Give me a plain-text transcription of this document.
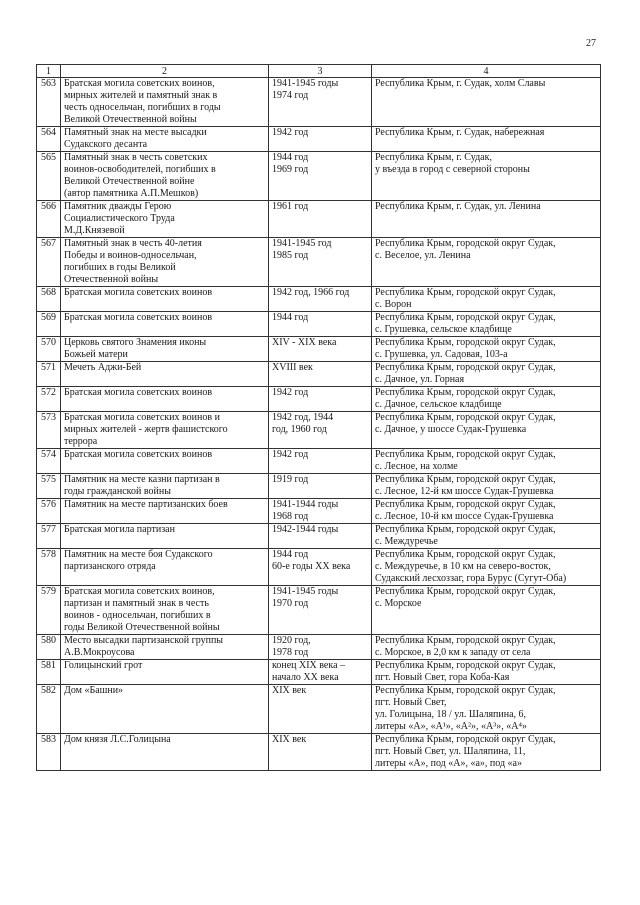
27
1	2	3	4
563	Братская могила советских воинов,
мирных жителей и памятный знак в
честь односельчан, погибших в годы
Великой Отечественной войны	1941-1945 годы
1974 год	Республика Крым, г. Судак, холм Славы

564	Памятный знак на месте высадки
Судакского десанта	1942 год	Республика Крым, г. Судак, набережная

565	Памятный знак в честь советских
воинов-освободителей, погибших в
Великой Отечественной войне
(автор памятника А.П.Мешков)	1944 год
1969 год	Республика Крым, г. Судак,
у въезда в город с северной стороны

566	Памятник дважды Герою
Социалистического Труда
М.Д.Князевой	1961 год	Республика Крым, г. Судак, ул. Ленина

567	Памятный знак в честь 40-летия
Победы и воинов-односельчан,
погибших в годы Великой
Отечественной войны	1941-1945 год
1985 год	Республика Крым, городской округ Судак,
с. Веселое, ул. Ленина

568	Братская могила советских воинов	1942 год, 1966 год	Республика Крым, городской округ Судак,
с. Ворон

569	Братская могила советских воинов	1944 год	Республика Крым, городской округ Судак,
с. Грушевка, сельское кладбище

570	Церковь святого Знамения иконы
Божьей матери	XIV - XIX века	Республика Крым, городской округ Судак,
с. Грушевка, ул. Садовая, 103-а

571	Мечеть Аджи-Бей	XVIII век	Республика Крым, городской округ Судак,
с. Дачное, ул. Горная

572	Братская могила советских воинов	1942 год	Республика Крым, городской округ Судак,
с. Дачное, сельское кладбище

573	Братская могила советских воинов и
мирных жителей - жертв фашистского
террора	1942 год, 1944
год, 1960 год	Республика Крым, городской округ Судак,
с. Дачное, у шоссе Судак-Грушевка

574	Братская могила советских воинов	1942 год	Республика Крым, городской округ Судак,
с. Лесное, на холме

575	Памятник на месте казни партизан в
годы гражданской войны	1919 год	Республика Крым, городской округ Судак,
с. Лесное, 12-й км шоссе Судак-Грушевка

576	Памятник на месте партизанских боев	1941-1944 годы
1968 год	Республика Крым, городской округ Судак,
с. Лесное, 10-й км шоссе Судак-Грушевка

577	Братская могила партизан	1942-1944 годы	Республика Крым, городской округ Судак,
с. Междуречье

578	Памятник на месте боя Судакского
партизанского отряда	1944 год
60-е годы XX века	Республика Крым, городской округ Судак,
с. Междуречье, в 10 км на северо-восток,
Судакский лесхоззаг, гора Бурус (Сугут-Оба)

579	Братская могила советских воинов,
партизан и памятный знак в честь
воинов - односельчан, погибших в
годы Великой Отечественной войны	1941-1945 годы
1970 год	Республика Крым, городской округ Судак,
с. Морское

580	Место высадки партизанской группы
А.В.Мокроусова	1920 год,
1978 год	Республика Крым, городской округ Судак,
с. Морское, в 2,0 км к западу от села

581	Голицынский грот	конец XIX века –
начало XX века	Республика Крым, городской округ Судак,
пгт. Новый Свет, гора Коба-Кая

582	Дом «Башни»	XIX век	Республика Крым, городской округ Судак,
пгт. Новый Свет,
ул. Голицына, 18 / ул. Шаляпина, 6,
литеры «А», «А¹», «А²», «А³», «А⁴»

583	Дом князя Л.С.Голицына	XIX век	Республика Крым, городской округ Судак,
пгт. Новый Свет, ул. Шаляпина, 11,
литеры «А», под «А», «а», под «а»
